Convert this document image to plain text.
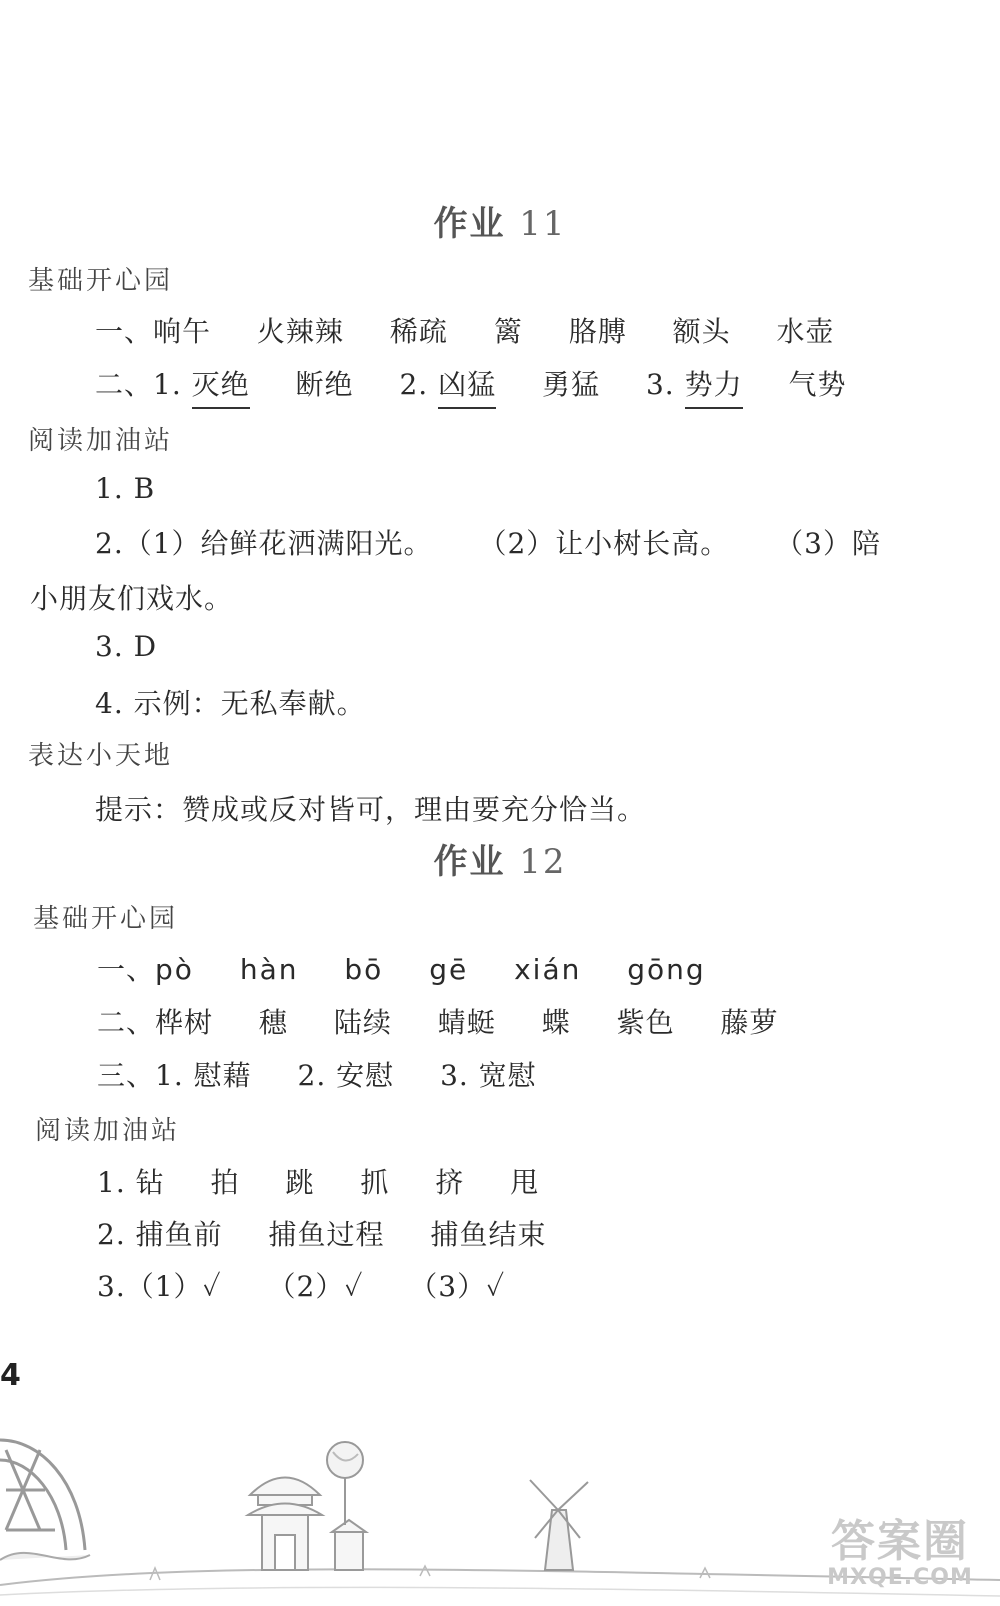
作业 11
基础开心园
一、响午 火辣辣 稀疏 篱 胳膊 额头 水壶
二、1. 灭绝 断绝 2. 凶猛 勇猛 3. 势力 气势
阅读加油站
1. B
2.（1）给鲜花洒满阳光。 （2）让小树长高。 （3）陪
小朋友们戏水。
3. D
4. 示例：无私奉献。
表达小天地
提示：赞成或反对皆可，理由要充分恰当。
作业 12
基础开心园
一、pò hàn bō gē xián gōng
二、桦树 穗 陆续 蜻蜓 蝶 紫色 藤萝
三、1. 慰藉 2. 安慰 3. 宽慰
阅读加油站
1. 钻 拍 跳 抓 挤 甩
2. 捕鱼前 捕鱼过程 捕鱼结束
3.（1）✓ （2）✓ （3）✓
4
答案圈
MXQE.COM
